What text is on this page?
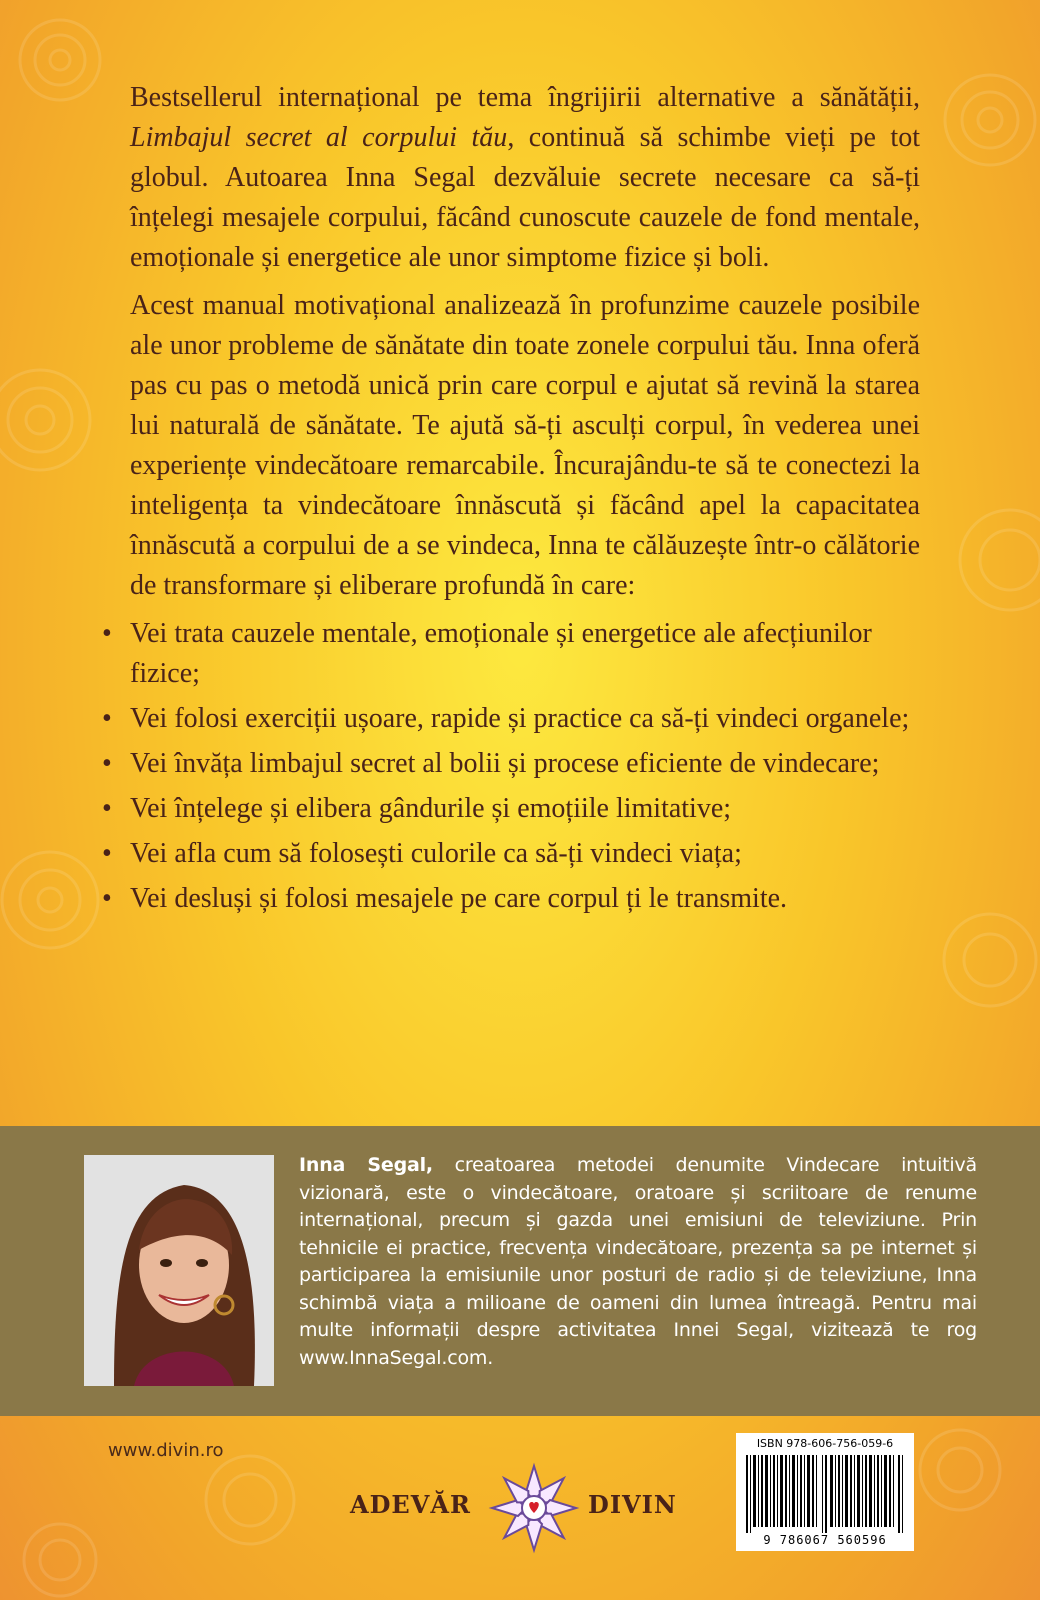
Bestsellerul internațional pe tema îngrijirii alternative a sănătății, Limbajul secret al corpului tău, continuă să schimbe vieți pe tot globul. Autoarea Inna Segal dezvăluie secrete necesare ca să-ți înțelegi mesajele corpului, făcând cunoscute cauzele de fond mentale, emoționale și energetice ale unor simptome fizice și boli.

Acest manual motivațional analizează în profunzime cauzele posibile ale unor probleme de sănătate din toate zonele corpului tău. Inna oferă pas cu pas o metodă unică prin care corpul e ajutat să revină la starea lui naturală de sănătate. Te ajută să-ți asculți corpul, în vederea unei experiențe vindecătoare remarcabile. Încurajându-te să te conectezi la inteligența ta vindecătoare înnăscută și făcând apel la capacitatea înnăscută a corpului de a se vindeca, Inna te călăuzește într-o călătorie de transformare și eliberare profundă în care:

• Vei trata cauzele mentale, emoționale și energetice ale afecțiunilor fizice;
• Vei folosi exerciții ușoare, rapide și practice ca să-ți vindeci organele;
• Vei învăța limbajul secret al bolii și procese eficiente de vindecare;
• Vei înțelege și elibera gândurile și emoțiile limitative;
• Vei afla cum să folosești culorile ca să-ți vindeci viața;
• Vei desluși și folosi mesajele pe care corpul ți le transmite.
Inna Segal, creatoarea metodei denumite Vindecare intuitivă vizionară, este o vindecătoare, oratoare și scriitoare de renume internațional, precum și gazda unei emisiuni de televiziune. Prin tehnicile ei practice, frecvența vindecătoare, prezența sa pe internet și participarea la emisiunile unor posturi de radio și de televiziune, Inna schimbă viața a milioane de oameni din lumea întreagă. Pentru mai multe informații despre activitatea Innei Segal, vizitează te rog www.InnaSegal.com.
www.divin.ro
ADEVĂR	DIVIN
ISBN 978-606-756-059-6
9 786067 560596
